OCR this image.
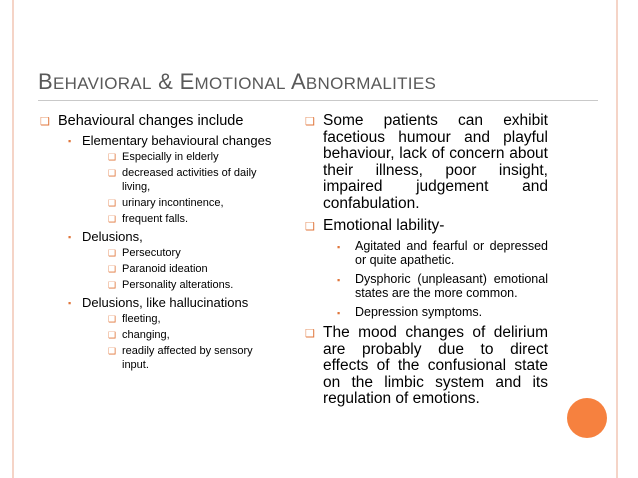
BEHAVIORAL & EMOTIONAL ABNORMALITIES
❑ Behavioural changes include
▪ Elementary behavioural changes
❑ Especially in elderly
❑ decreased activities of daily living,
❑ urinary incontinence,
❑ frequent falls.
▪ Delusions,
❑ Persecutory
❑ Paranoid ideation
❑ Personality alterations.
▪ Delusions, like hallucinations
❑ fleeting,
❑ changing,
❑ readily affected by sensory input.
❑ Some patients can exhibit facetious humour and playful behaviour, lack of concern about their illness, poor insight, impaired judgement and confabulation.
❑ Emotional lability-
▪ Agitated and fearful or depressed or quite apathetic.
▪ Dysphoric (unpleasant) emotional states are the more common.
▪ Depression symptoms.
❑ The mood changes of delirium are probably due to direct effects of the confusional state on the limbic system and its regulation of emotions.
